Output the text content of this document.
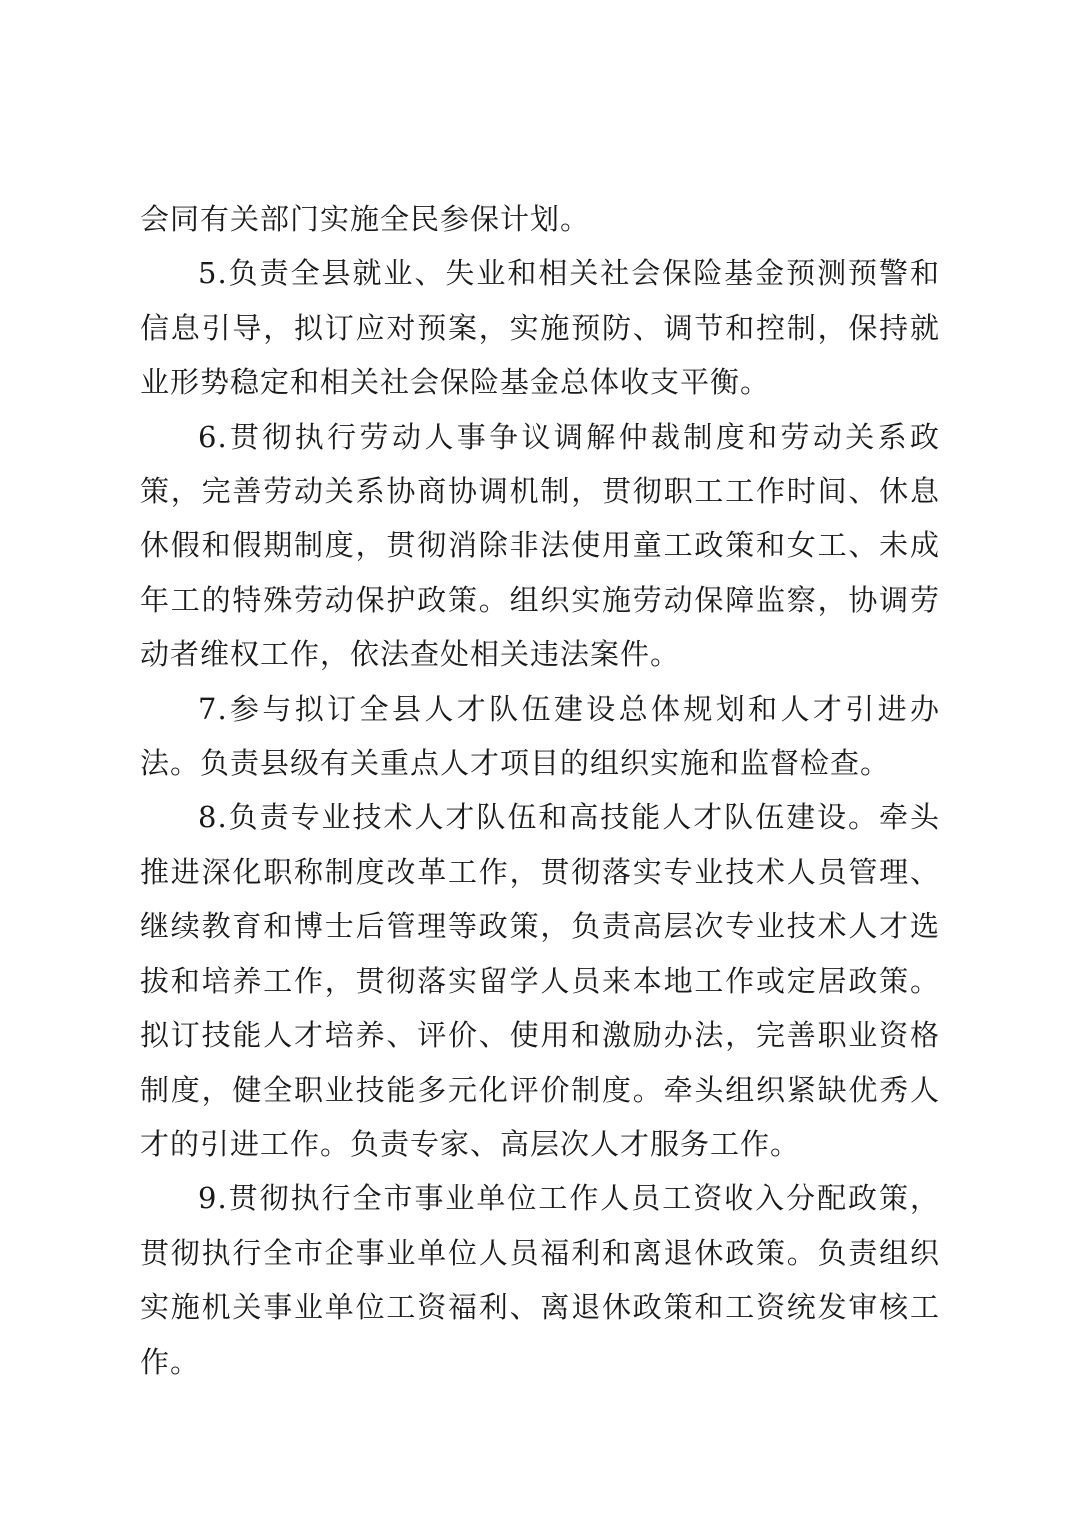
会同有关部门实施全民参保计划。

5.负责全县就业、失业和相关社会保险基金预测预警和信息引导，拟订应对预案，实施预防、调节和控制，保持就业形势稳定和相关社会保险基金总体收支平衡。

6.贯彻执行劳动人事争议调解仲裁制度和劳动关系政策，完善劳动关系协商协调机制，贯彻职工工作时间、休息休假和假期制度，贯彻消除非法使用童工政策和女工、未成年工的特殊劳动保护政策。组织实施劳动保障监察，协调劳动者维权工作，依法查处相关违法案件。

7.参与拟订全县人才队伍建设总体规划和人才引进办法。负责县级有关重点人才项目的组织实施和监督检查。

8.负责专业技术人才队伍和高技能人才队伍建设。牵头推进深化职称制度改革工作，贯彻落实专业技术人员管理、继续教育和博士后管理等政策，负责高层次专业技术人才选拔和培养工作，贯彻落实留学人员来本地工作或定居政策。拟订技能人才培养、评价、使用和激励办法，完善职业资格制度，健全职业技能多元化评价制度。牵头组织紧缺优秀人才的引进工作。负责专家、高层次人才服务工作。

9.贯彻执行全市事业单位工作人员工资收入分配政策，贯彻执行全市企事业单位人员福利和离退休政策。负责组织实施机关事业单位工资福利、离退休政策和工资统发审核工作。
